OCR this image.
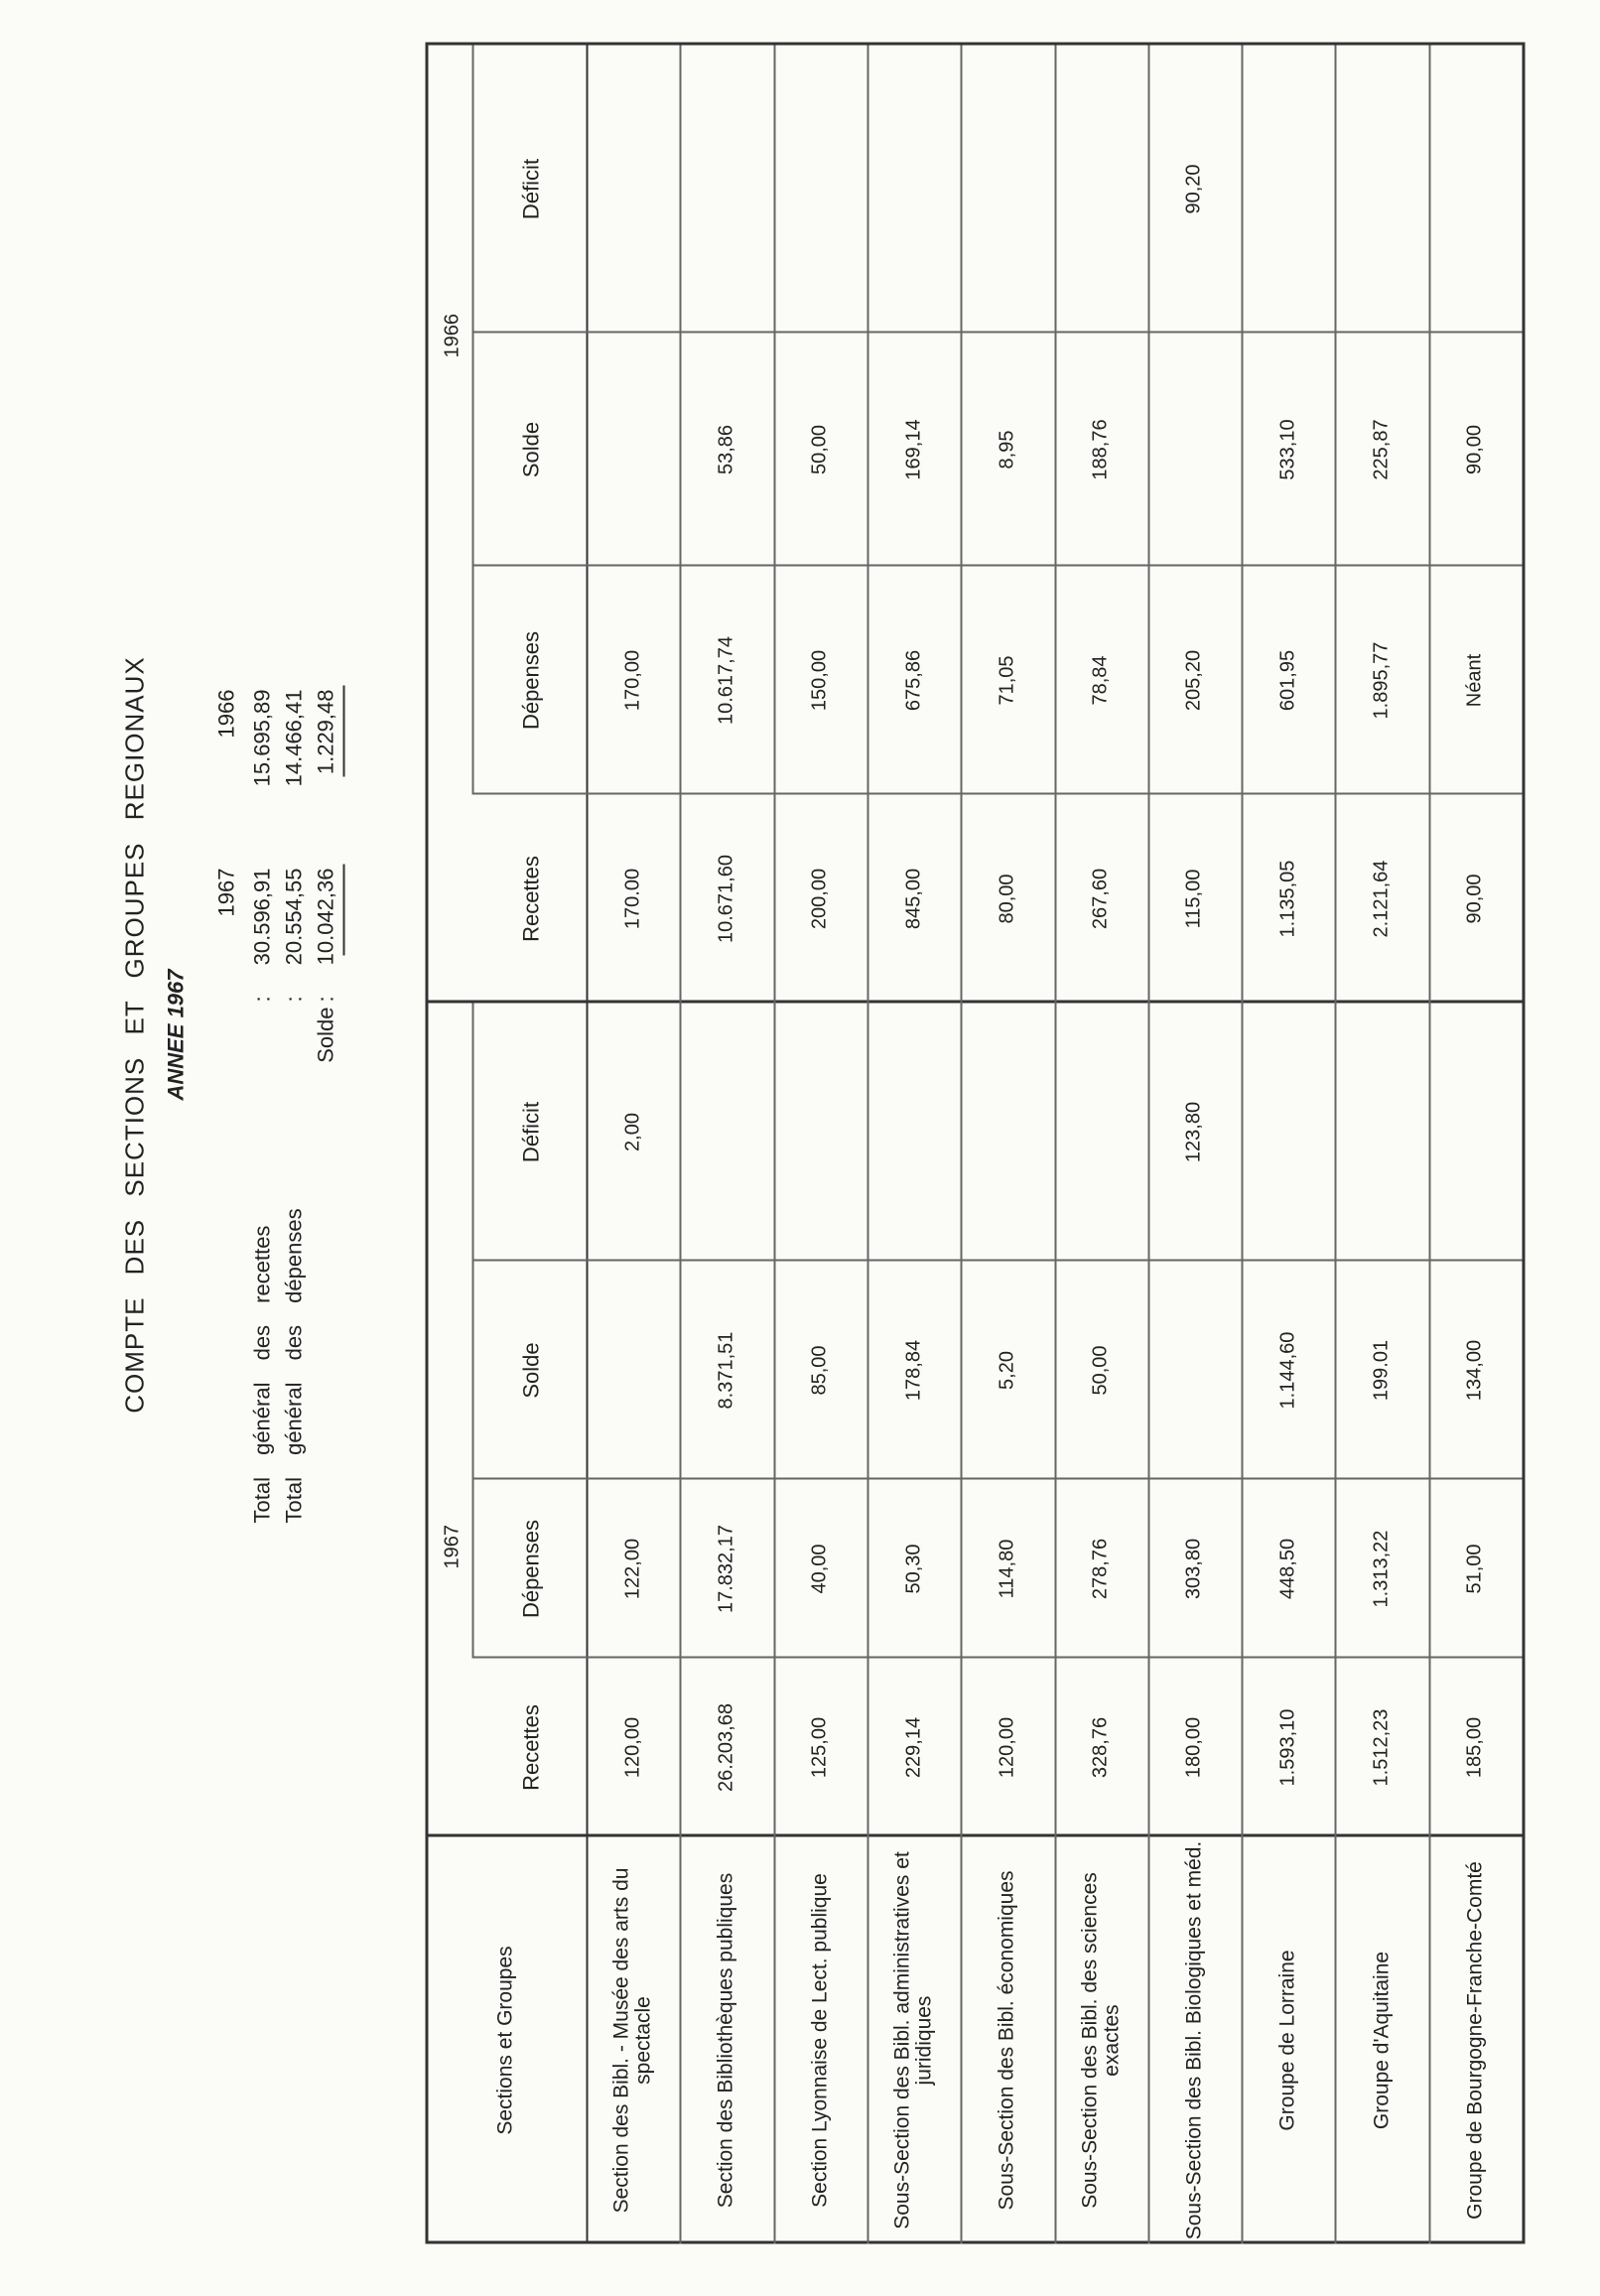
COMPTE DES SECTIONS ET GROUPES REGIONAUX ANNEE 1967
1967
1966
Total général des recettes
:
30.596,91
15.695,89
Total général des dépenses
:
20.554,55
14.466,41
Solde
:
10.042,36
1.229,48
Sections et Groupes
1967
1966
Recettes
Recettes
Dépenses
Dépenses
Solde
Solde
Déficit
Déficit
Section des Bibl. - Musée des arts du spectacle
120,00
170.00
122,00
170,00
2,00
Section des Bibliothèques publiques
26.203,68
10.671,60
17.832,17
10.617,74
8.371,51
53,86
Section Lyonnaise de Lect. publique
125,00
200,00
40,00
150,00
85,00
50,00
Sous-Section des Bibl. administratives et juridiques
229,14
845,00
50,30
675,86
178,84
169,14
Sous-Section des Bibl. économiques
120,00
80,00
114,80
71,05
5,20
8,95
Sous-Section des Bibl. des sciences exactes
328,76
267,60
278,76
78,84
50,00
188,76
Sous-Section des Bibl. Biologiques et méd.
180,00
115,00
303,80
205,20
123,80
90,20
Groupe de Lorraine
1.593,10
1.135,05
448,50
601,95
1.144,60
533,10
Groupe d'Aquitaine
1.512,23
2.121,64
1.313,22
1.895,77
199.01
225,87
Groupe de Bourgogne-Franche-Comté
185,00
90,00
51,00
Néant
134,00
90,00
